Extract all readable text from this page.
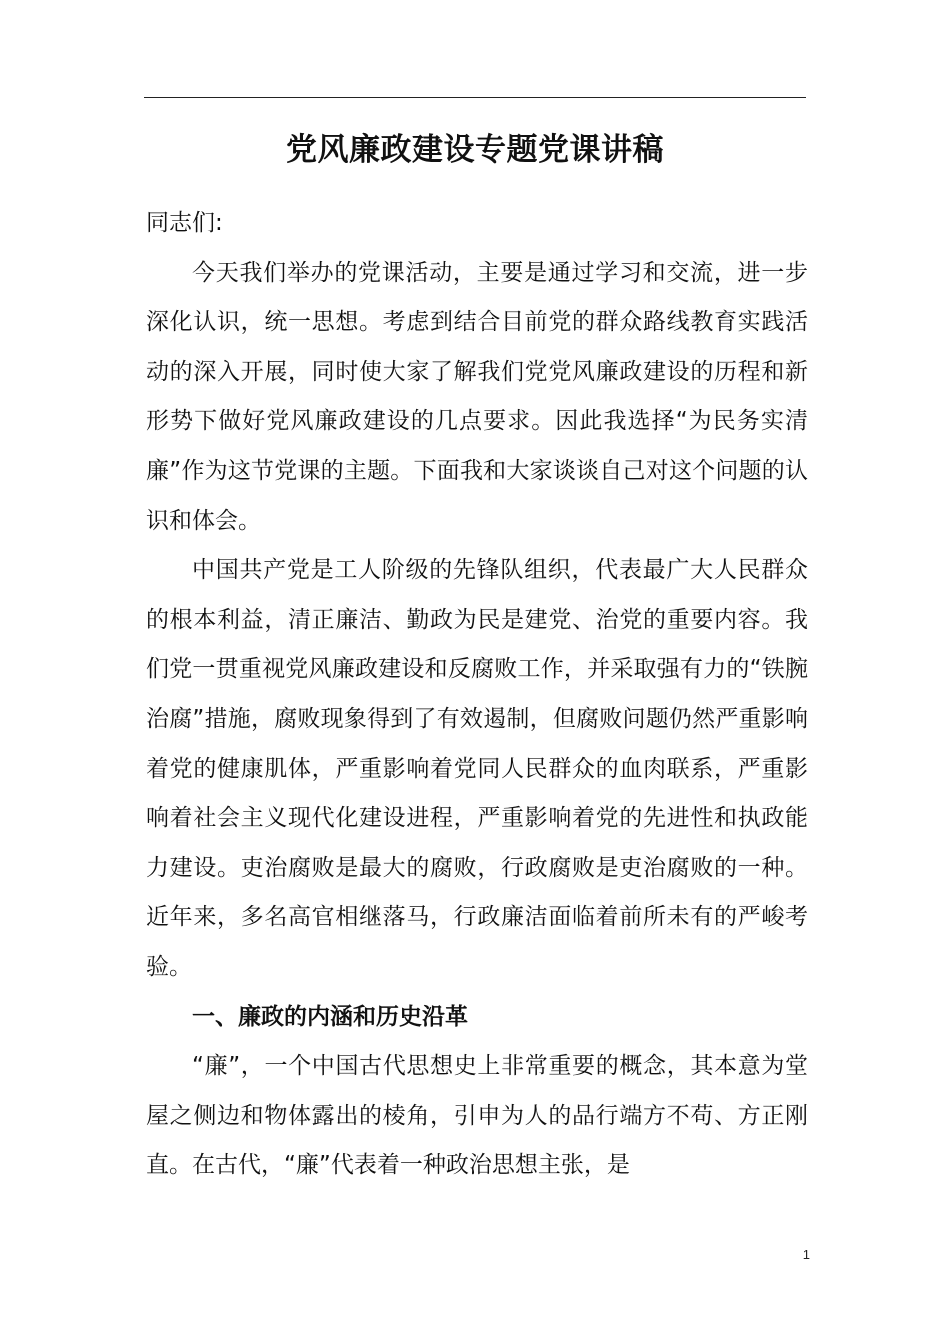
党风廉政建设专题党课讲稿

同志们:

今天我们举办的党课活动，主要是通过学习和交流，进一步深化认识，统一思想。考虑到结合目前党的群众路线教育实践活动的深入开展，同时使大家了解我们党党风廉政建设的历程和新形势下做好党风廉政建设的几点要求。因此我选择“为民务实清廉”作为这节党课的主题。下面我和大家谈谈自己对这个问题的认识和体会。

中国共产党是工人阶级的先锋队组织，代表最广大人民群众的根本利益，清正廉洁、勤政为民是建党、治党的重要内容。我们党一贯重视党风廉政建设和反腐败工作，并采取强有力的“铁腕治腐”措施，腐败现象得到了有效遏制，但腐败问题仍然严重影响着党的健康肌体，严重影响着党同人民群众的血肉联系，严重影响着社会主义现代化建设进程，严重影响着党的先进性和执政能力建设。吏治腐败是最大的腐败，行政腐败是吏治腐败的一种。近年来，多名高官相继落马，行政廉洁面临着前所未有的严峻考验。

一、廉政的内涵和历史沿革

“廉”，一个中国古代思想史上非常重要的概念，其本意为堂屋之侧边和物体露出的棱角，引申为人的品行端方不苟、方正刚直。在古代，“廉”代表着一种政治思想主张，是

1
